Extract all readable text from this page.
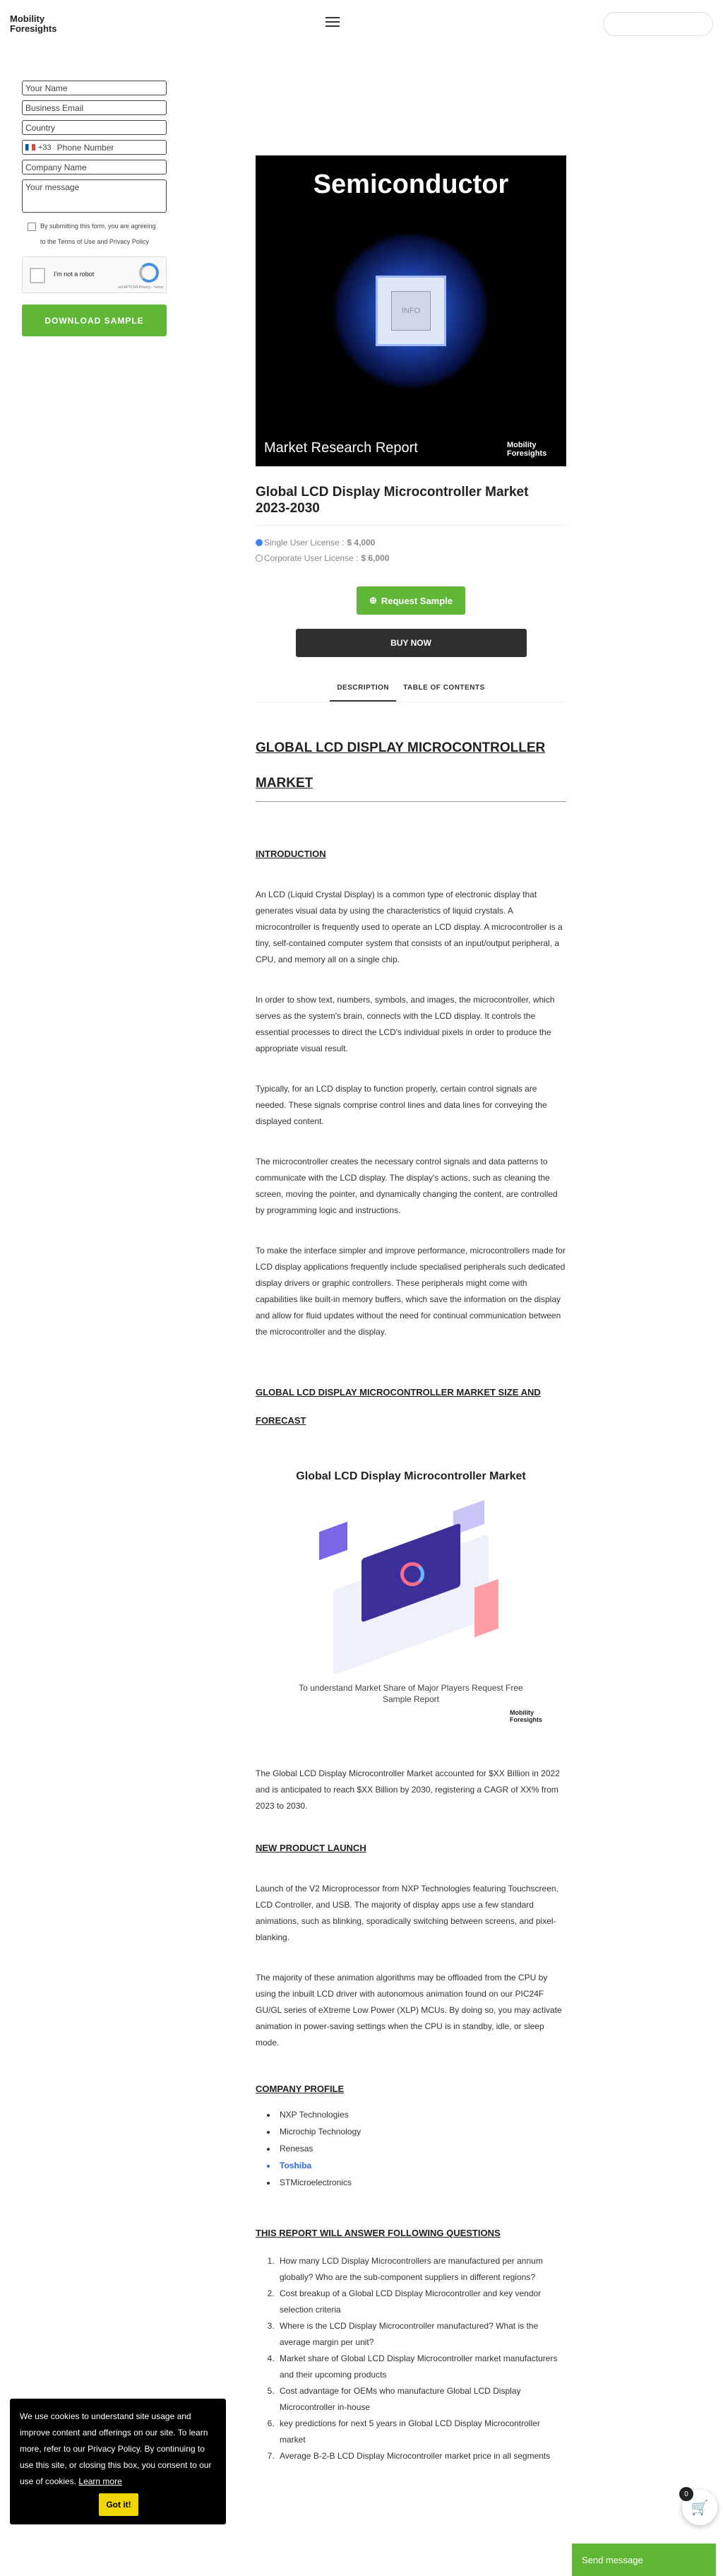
Mobility Foresights
Your Name
Business Email
Country
+33 Phone Number
Company Name
Your message
By submitting this form, you are agreeing
to the Terms of Use and Privacy Policy
I'm not a robot
reCAPTCHA Privacy - Terms
DOWNLOAD SAMPLE
Semiconductor
INFO
Market Research Report	Mobility Foresights
Global LCD Display Microcontroller Market 2023-2030
Single User License : $ 4,000
Corporate User License : $ 6,000
⊕ Request Sample
BUY NOW
DESCRIPTION	TABLE OF CONTENTS
GLOBAL LCD DISPLAY MICROCONTROLLER MARKET
INTRODUCTION

An LCD (Liquid Crystal Display) is a common type of electronic display that generates visual data by using the characteristics of liquid crystals. A microcontroller is frequently used to operate an LCD display. A microcontroller is a tiny, self-contained computer system that consists of an input/output peripheral, a CPU, and memory all on a single chip.

In order to show text, numbers, symbols, and images, the microcontroller, which serves as the system's brain, connects with the LCD display. It controls the essential processes to direct the LCD's individual pixels in order to produce the appropriate visual result.

Typically, for an LCD display to function properly, certain control signals are needed. These signals comprise control lines and data lines for conveying the displayed content.

The microcontroller creates the necessary control signals and data patterns to communicate with the LCD display. The display's actions, such as cleaning the screen, moving the pointer, and dynamically changing the content, are controlled by programming logic and instructions.

To make the interface simpler and improve performance, microcontrollers made for LCD display applications frequently include specialised peripherals such dedicated display drivers or graphic controllers. These peripherals might come with capabilities like built-in memory buffers, which save the information on the display and allow for fluid updates without the need for continual communication between the microcontroller and the display.

GLOBAL LCD DISPLAY MICROCONTROLLER MARKET SIZE AND FORECAST
Global LCD Display Microcontroller Market
To understand Market Share of Major Players Request Free Sample Report
Mobility Foresights

The Global LCD Display Microcontroller Market accounted for $XX Billion in 2022 and is anticipated to reach $XX Billion by 2030, registering a CAGR of XX% from 2023 to 2030.

NEW PRODUCT LAUNCH

Launch of the V2 Microprocessor from NXP Technologies featuring Touchscreen, LCD Controller, and USB. The majority of display apps use a few standard animations, such as blinking, sporadically switching between screens, and pixel-blanking.

The majority of these animation algorithms may be offloaded from the CPU by using the inbuilt LCD driver with autonomous animation found on our PIC24F GU/GL series of eXtreme Low Power (XLP) MCUs. By doing so, you may activate animation in power-saving settings when the CPU is in standby, idle, or sleep mode.

COMPANY PROFILE
• NXP Technologies
• Microchip Technology
• Renesas
• Toshiba
• STMicroelectronics
THIS REPORT WILL ANSWER FOLLOWING QUESTIONS
1. How many LCD Display Microcontrollers are manufactured per annum globally? Who are the sub-component suppliers in different regions?
2. Cost breakup of a Global LCD Display Microcontroller and key vendor selection criteria
3. Where is the LCD Display Microcontroller manufactured? What is the average margin per unit?
4. Market share of Global LCD Display Microcontroller market manufacturers and their upcoming products
5. Cost advantage for OEMs who manufacture Global LCD Display Microcontroller in-house
6. key predictions for next 5 years in Global LCD Display Microcontroller market
7. Average B-2-B LCD Display Microcontroller market price in all segments
We use cookies to understand site usage and improve content and offerings on our site. To learn more, refer to our Privacy Policy. By continuing to use this site, or closing this box, you consent to our use of cookies. Learn more
Got it!	🛒
0
Send message
